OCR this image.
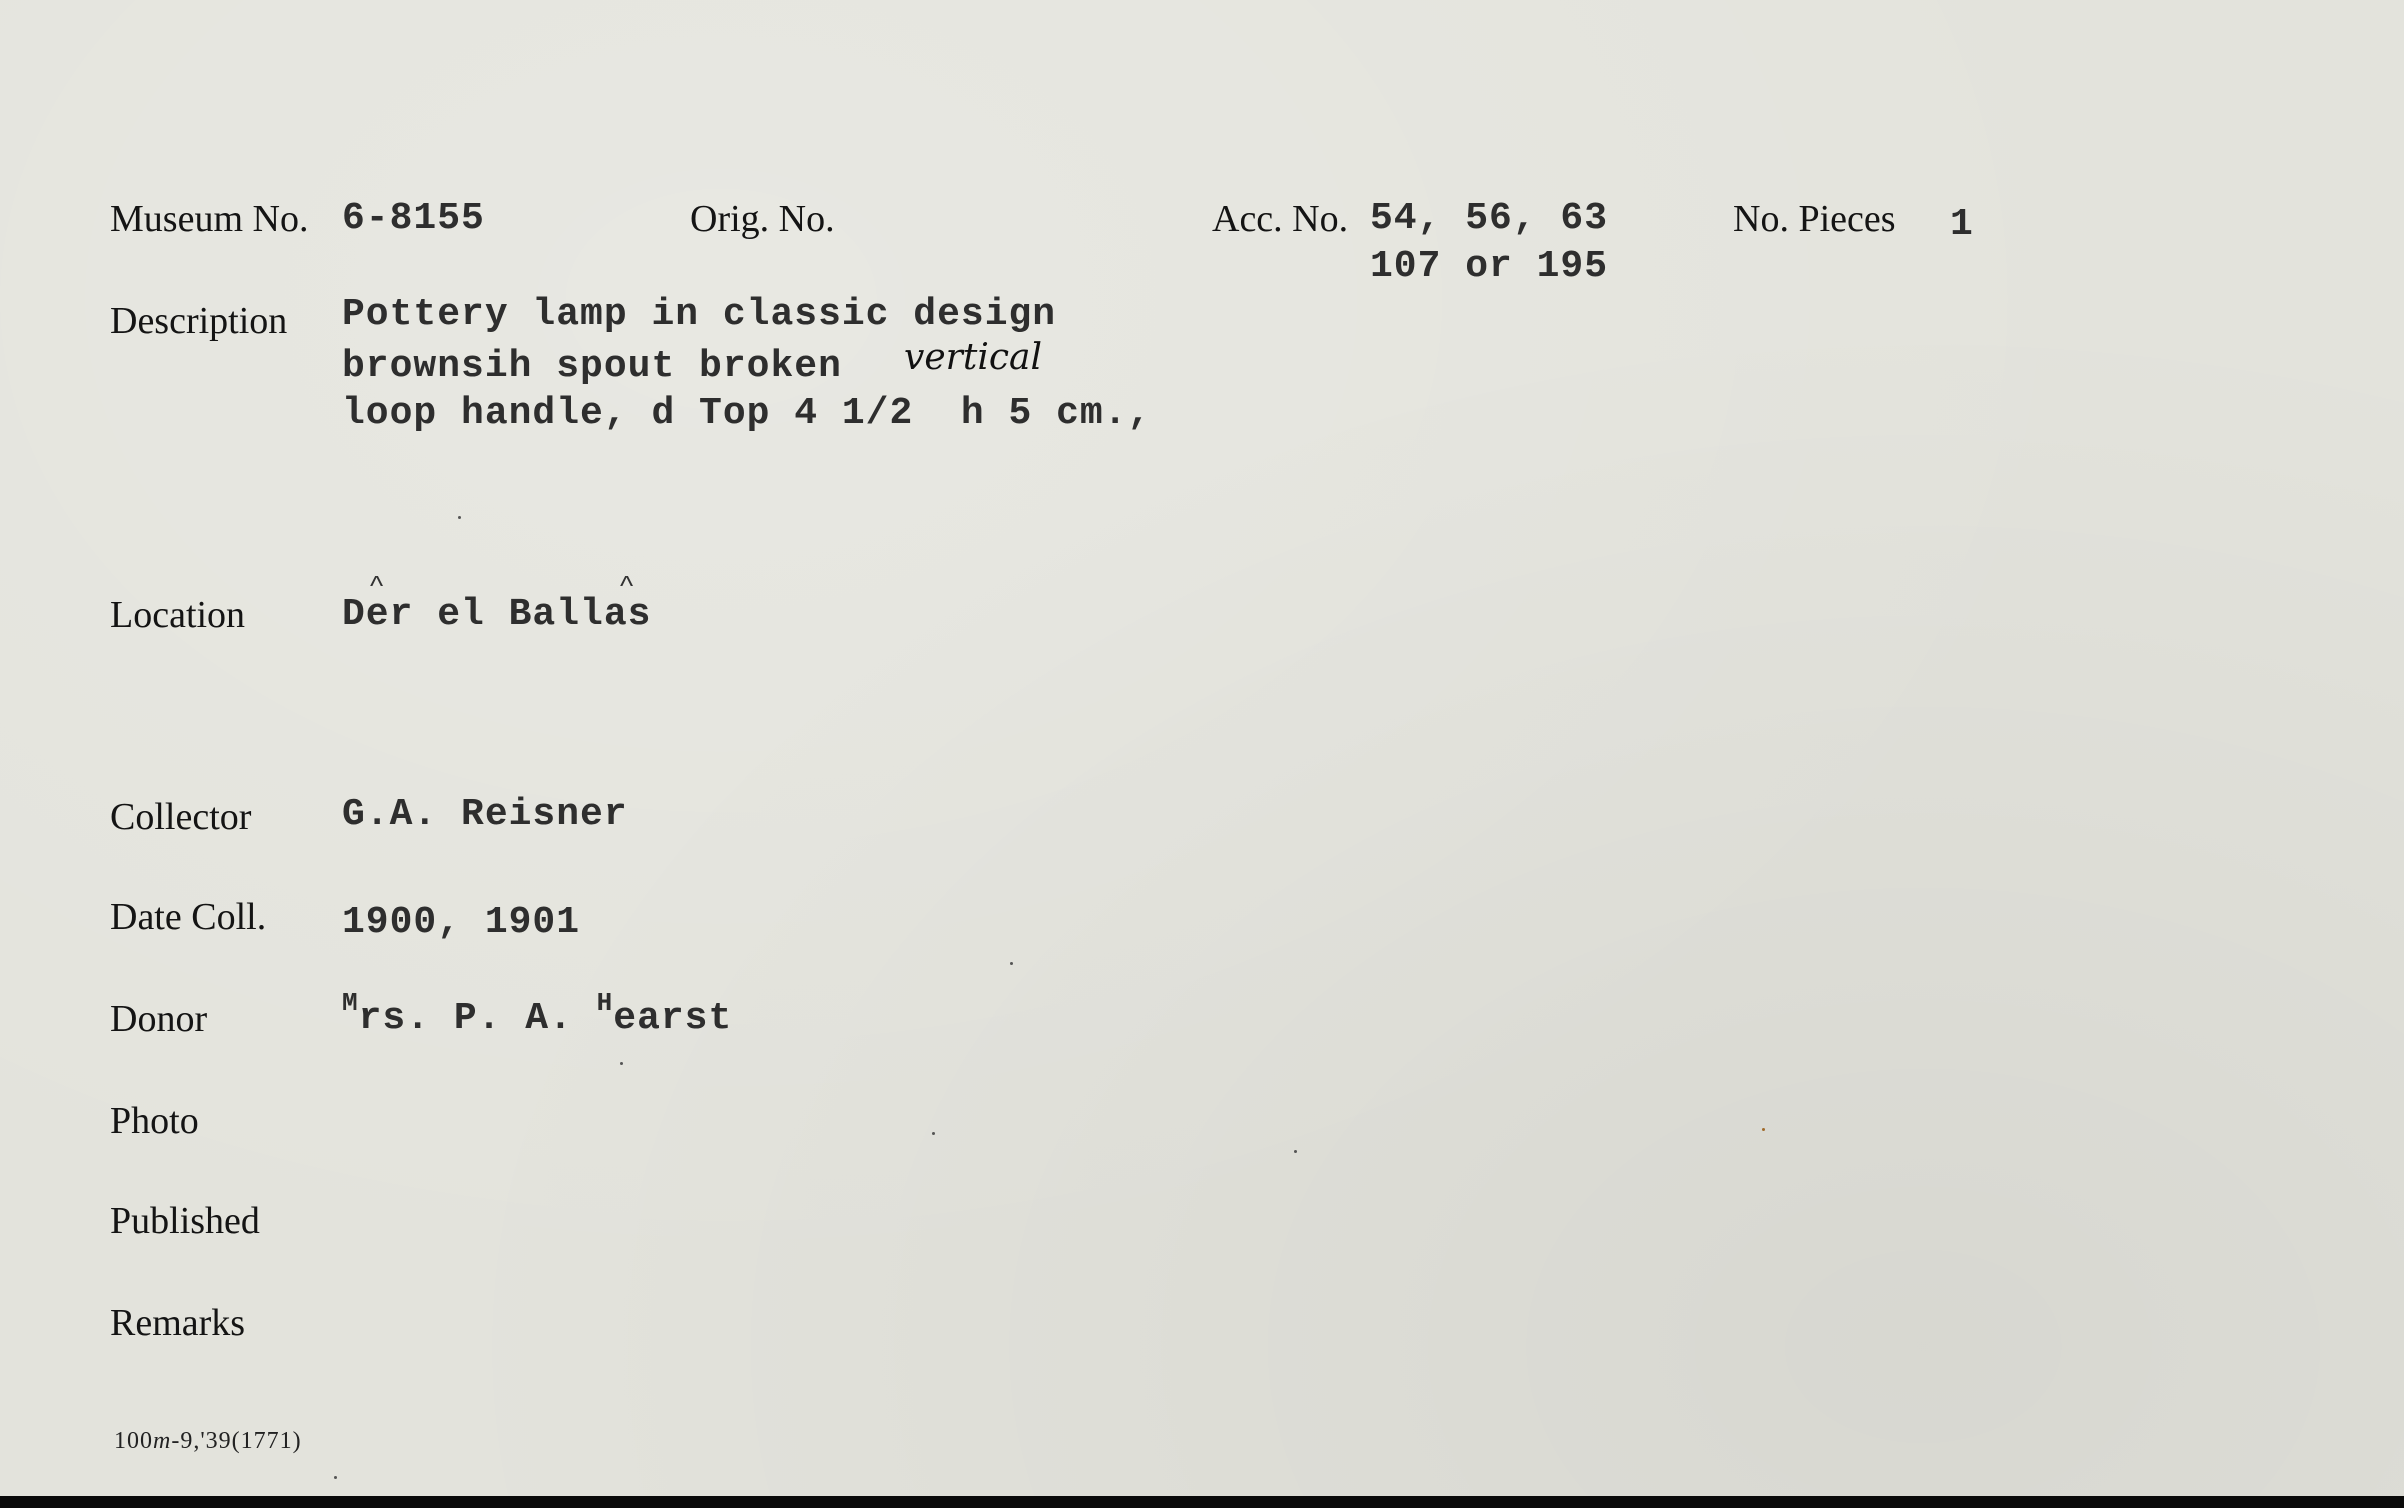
Museum No. 6-8155	Orig. No.	Acc. No. 54, 56, 63
107 or 195
No. Pieces 1
Description Pottery lamp in classic design
brownsih spout broken vertical
loop handle, d Top 4 1/2  h 5 cm.,
Location
^	^
Der el Ballas
Collector G.A. Reisner
Date Coll. 1900, 1901
Donor	$^M$rs. P. A. $^H$earst
Photo
Published
Remarks
100m-9,'39(1771)
